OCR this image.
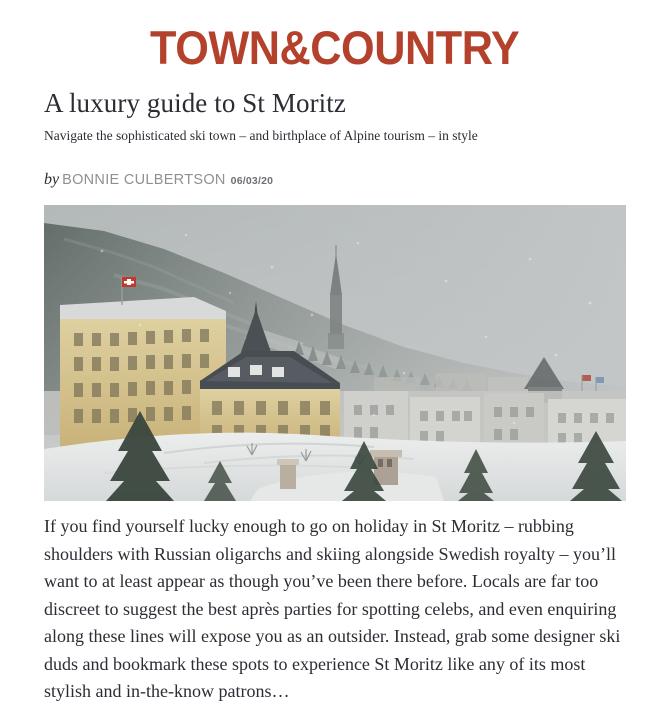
TOWN&COUNTRY
A luxury guide to St Moritz

Navigate the sophisticated ski town – and birthplace of Alpine tourism – in style

by BONNIE CULBERTSON 06/03/20

If you find yourself lucky enough to go on holiday in St Moritz – rubbing shoulders with Russian oligarchs and skiing alongside Swedish royalty – you’ll want to at least appear as though you’ve been there before. Locals are far too discreet to suggest the best après parties for spotting celebs, and even enquiring along these lines will expose you as an outsider. Instead, grab some designer ski duds and bookmark these spots to experience St Moritz like any of its most stylish and in-the-know patrons…
